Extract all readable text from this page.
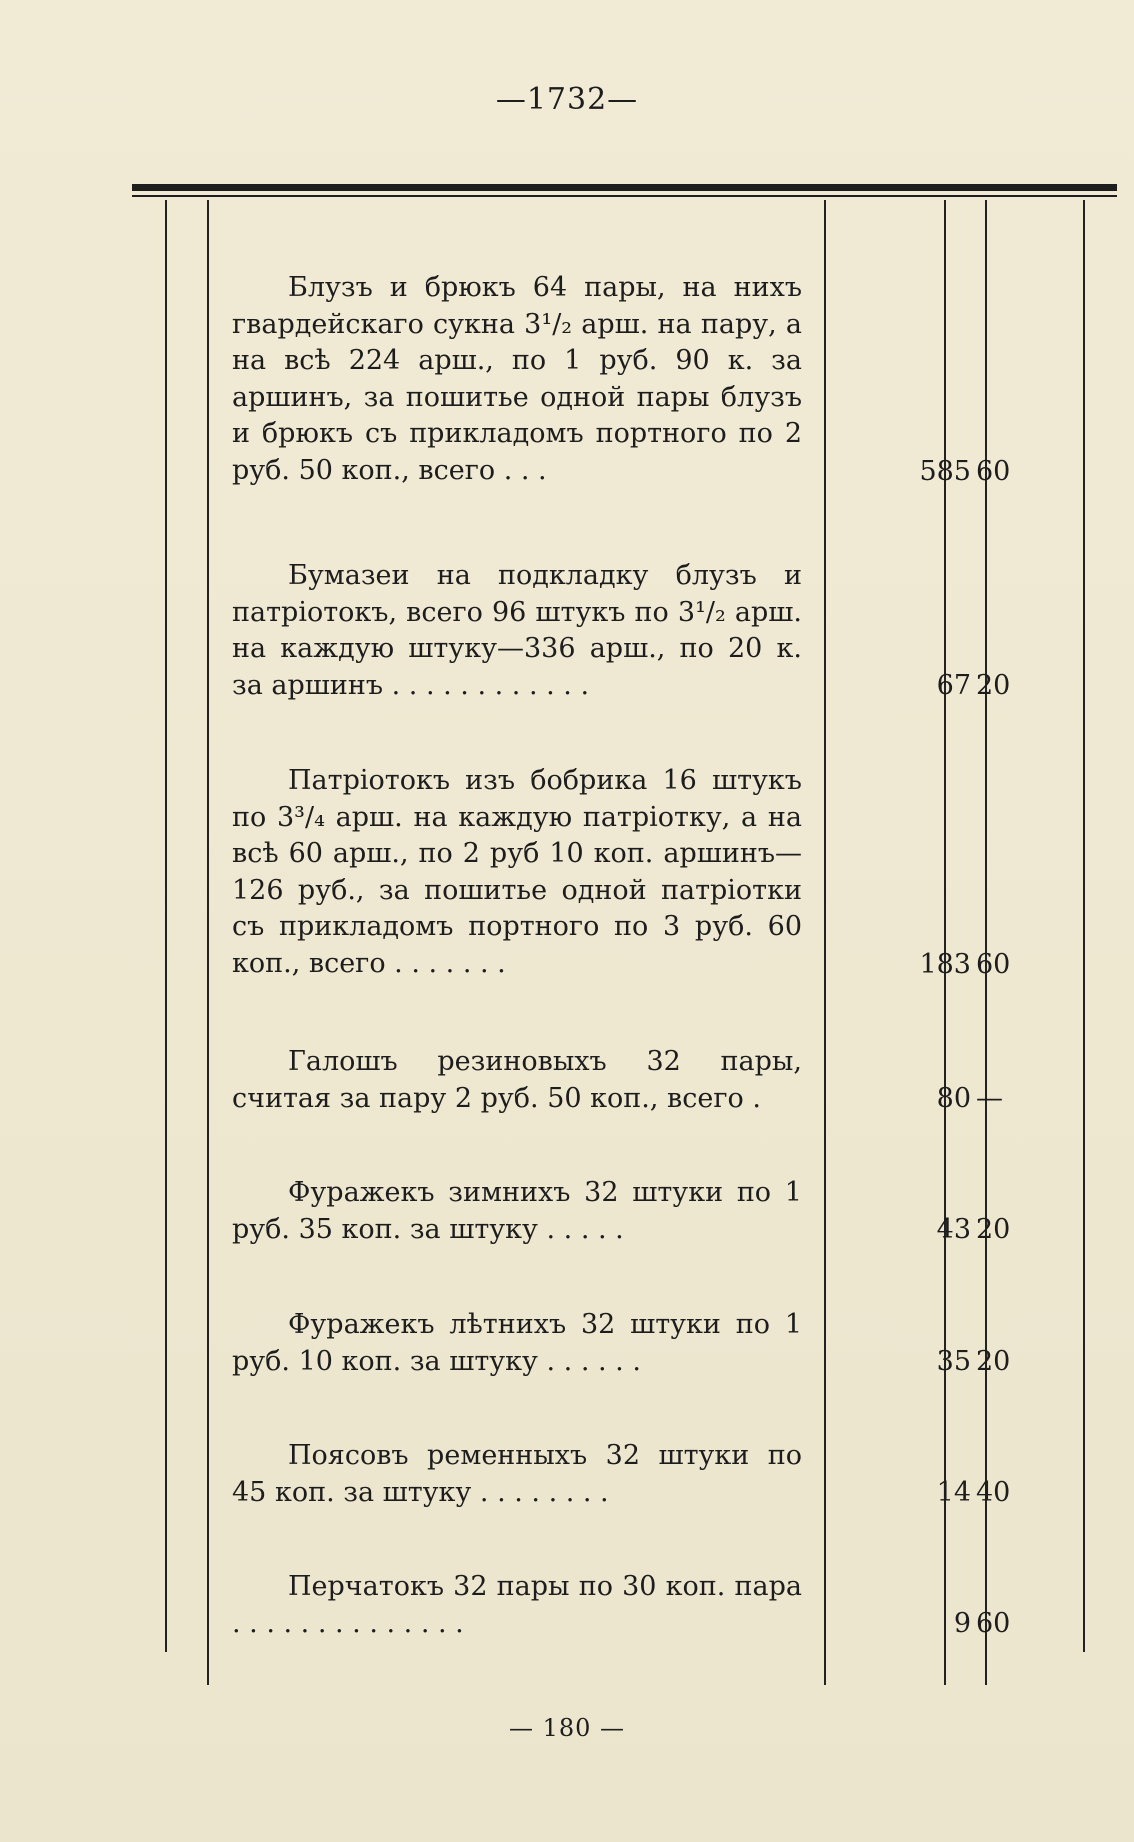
—1732—
Блузъ и брюкъ 64 пары, на нихъ гвардейскаго сукна 3¹/₂ арш. на пару, а на всѣ 224 арш., по 1 руб. 90 к. за аршинъ, за пошитье одной пары блузъ и брюкъ съ прикладомъ портного по 2 руб. 50 коп., всего . . .	585 60
Бумазеи на подкладку блузъ и патріотокъ, всего 96 штукъ по 3¹/₂ арш. на каждую штуку—336 арш., по 20 к. за аршинъ . . . . . . . . . . . .	67 20
Патріотокъ изъ бобрика 16 штукъ по 3³/₄ арш. на каждую патріотку, а на всѣ 60 арш., по 2 руб 10 коп. аршинъ—126 руб., за пошитье одной патріотки съ прикладомъ портного по 3 руб. 60 коп., всего . . . . . . .	183 60
Галошъ резиновыхъ 32 пары, считая за пару 2 руб. 50 коп., всего .	80 —
Фуражекъ зимнихъ 32 штуки по 1 руб. 35 коп. за штуку . . . . .	43 20
Фуражекъ лѣтнихъ 32 штуки по 1 руб. 10 коп. за штуку . . . . . .	35 20
Поясовъ ременныхъ 32 штуки по 45 коп. за штуку . . . . . . . .	14 40
Перчатокъ 32 пары по 30 коп. пара . . . . . . . . . . . . . .	9 60
— 180 —
